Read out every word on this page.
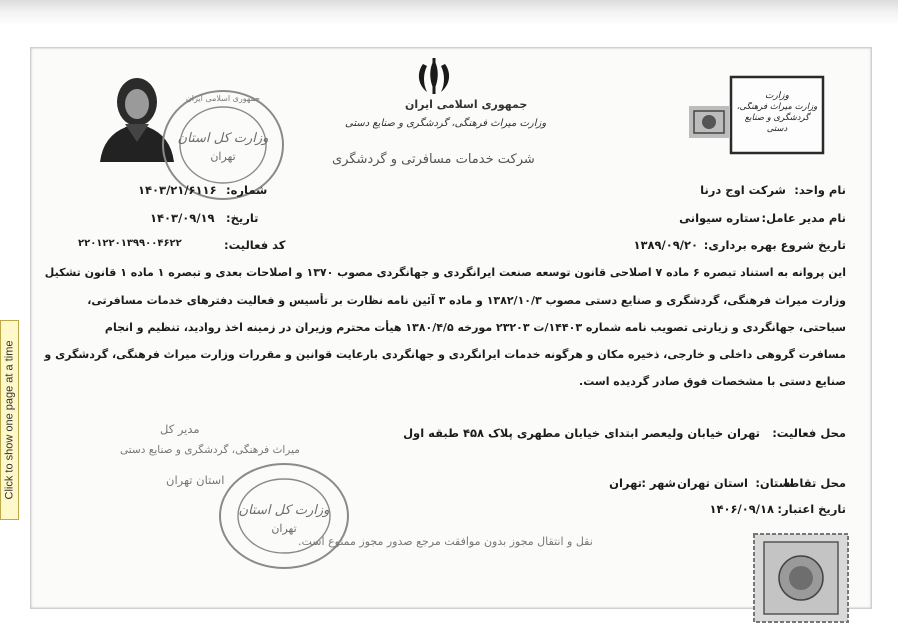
Click to show one page at a time
وزارت کل استان
تهران
جمهوری اسلامی ایران	جمهوری اسلامی ایران
وزارت میراث فرهنگی، گردشگری و صنایع دستی
شرکت خدمات مسافرتی و گردشگری
وزارت
وزارت میراث فرهنگی، گردشگری و صنایع دستی
شماره:
۱۴۰۳/۲۱/۶۱۱۶
تاریخ:
۱۴۰۳/۰۹/۱۹
کد فعالیت:
۲۲۰۱۲۲۰۱۳۹۹۰۰۴۶۲۲
نام واحد:
شرکت اوج درنا
نام مدیر عامل:
ستاره سیوانی
تاریخ شروع بهره برداری:
۱۳۸۹/۰۹/۲۰
این پروانه به استناد تبصره ۶ ماده ۷ اصلاحی قانون توسعه صنعت ایرانگردی و جهانگردی مصوب ۱۳۷۰ و اصلاحات بعدی و تبصره ۱ ماده ۱ قانون تشکیل
وزارت میراث فرهنگی، گردشگری و صنایع دستی مصوب ۱۳۸۲/۱۰/۳ و ماده ۳ آئین نامه نظارت بر تأسیس و فعالیت دفترهای خدمات مسافرتی،
سیاحتی، جهانگردی و زیارتی تصویب نامه شماره ۱۴۴۰۳/ت ۲۳۲۰۳ مورخه ۱۳۸۰/۴/۵ هیأت محترم وزیران در زمینه اخذ روادید، تنظیم و انجام
مسافرت گروهی داخلی و خارجی، ذخیره مکان و هرگونه خدمات ایرانگردی و جهانگردی بارعایت قوانین و مقررات وزارت میراث فرهنگی، گردشگری و
صنایع دستی با مشخصات فوق صادر گردیده است.
محل فعالیت:
تهران خیابان ولیعصر ابتدای خیابان مطهری پلاک ۴۵۸ طبقه اول
مدیر کل
میراث فرهنگی، گردشگری و صنایع دستی
استان تهران
وزارت کل استان
تهران
محل تقاضا
استان:
استان تهران
شهر :
تهران
تاریخ اعتبار:
۱۴۰۶/۰۹/۱۸
نقل و انتقال مجوز بدون موافقت مرجع صدور مجوز ممنوع است.
